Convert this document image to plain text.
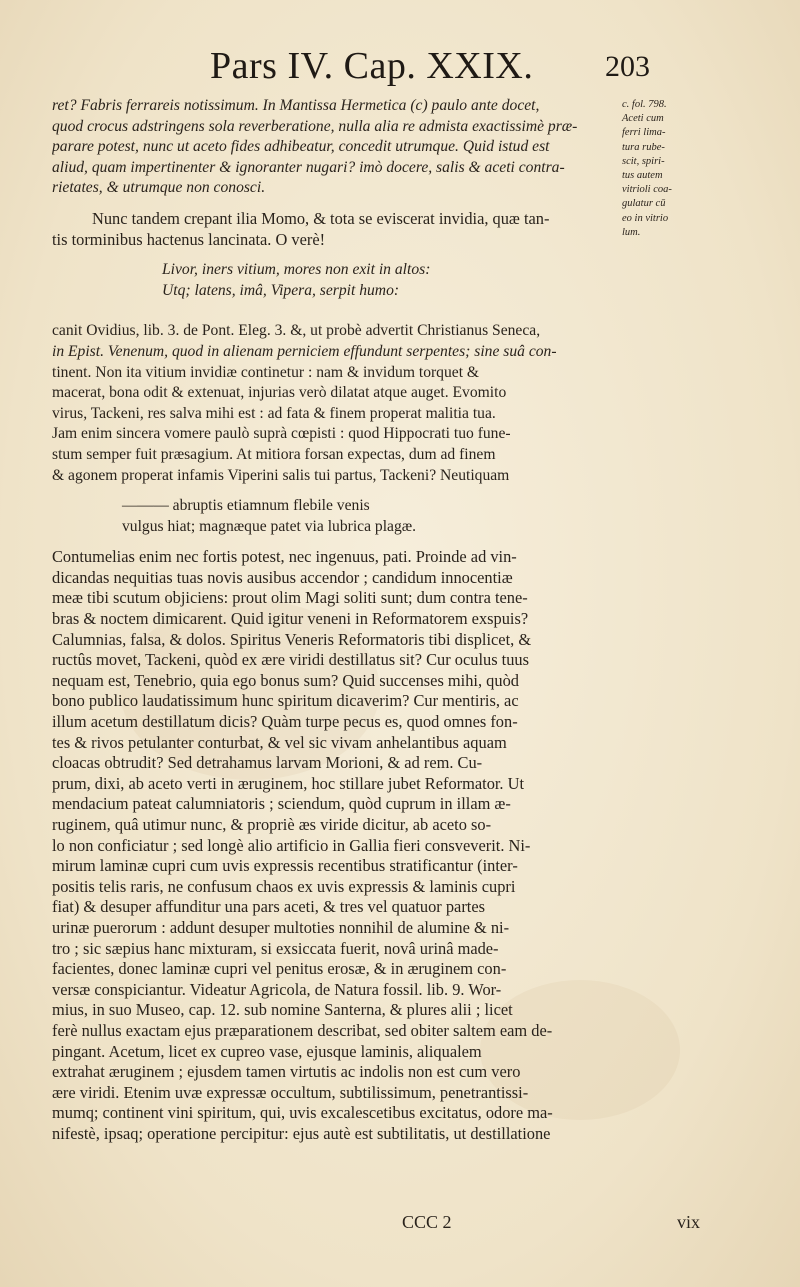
Pars IV. Cap. XXIX. 203
c. fol. 798.
Aceti cum
ferri lima-
tura rube-
scit, spiri-
tus autem
vitrioli coa-
gulatur cū
eo in vitrio
lum.
ret? Fabris ferrareis notissimum. In Mantissa Hermetica (c) paulo ante docet,
quod crocus adstringens sola reverberatione, nulla alia re admista exactissimè præ-
parare potest, nunc ut aceto fides adhibeatur, concedit utrumque. Quid istud est
aliud, quam impertinenter & ignoranter nugari? imò docere, salis & aceti contra-
rietates, & utrumque non conosci.
Nunc tandem crepant ilia Momo, & tota se eviscerat invidia, quæ tan-
tis torminibus hactenus lancinata. O verè!
Livor, iners vitium, mores non exit in altos:
Utq; latens, imâ, Vipera, serpit humo:
canit Ovidius, lib. 3. de Pont. Eleg. 3. &, ut probè advertit Christianus Seneca,
in Epist. Venenum, quod in alienam perniciem effundunt serpentes; sine suâ con-
tinent. Non ita vitium invidiæ continetur : nam & invidum torquet &
macerat, bona odit & extenuat, injurias verò dilatat atque auget. Evomito
virus, Tackeni, res salva mihi est : ad fata & finem properat malitia tua.
Jam enim sincera vomere paulò suprà cœpisti : quod Hippocrati tuo fune-
stum semper fuit præsagium. At mitiora forsan expectas, dum ad finem
& agonem properat infamis Viperini salis tui partus, Tackeni? Neutiquam
——— abruptis etiamnum flebile venis
vulgus hiat; magnæque patet via lubrica plagæ.
Contumelias enim nec fortis potest, nec ingenuus, pati. Proinde ad vin-
dicandas nequitias tuas novis ausibus accendor ; candidum innocentiæ
meæ tibi scutum objiciens: prout olim Magi soliti sunt; dum contra tene-
bras & noctem dimicarent. Quid igitur veneni in Reformatorem exspuis?
Calumnias, falsa, & dolos. Spiritus Veneris Reformatoris tibi displicet, &
ructûs movet, Tackeni, quòd ex ære viridi destillatus sit? Cur oculus tuus
nequam est, Tenebrio, quia ego bonus sum? Quid succenses mihi, quòd
bono publico laudatissimum hunc spiritum dicaverim? Cur mentiris, ac
illum acetum destillatum dicis? Quàm turpe pecus es, quod omnes fon-
tes & rivos petulanter conturbat, & vel sic vivam anhelantibus aquam
cloacas obtrudit? Sed detrahamus larvam Morioni, & ad rem. Cu-
prum, dixi, ab aceto verti in æruginem, hoc stillare jubet Reformator. Ut
mendacium pateat calumniatoris ; sciendum, quòd cuprum in illam æ-
ruginem, quâ utimur nunc, & propriè æs viride dicitur, ab aceto so-
lo non conficiatur ; sed longè alio artificio in Gallia fieri consveverit. Ni-
mirum laminæ cupri cum uvis expressis recentibus stratificantur (inter-
positis telis raris, ne confusum chaos ex uvis expressis & laminis cupri
fiat) & desuper affunditur una pars aceti, & tres vel quatuor partes
urinæ puerorum : addunt desuper multoties nonnihil de alumine & ni-
tro ; sic sæpius hanc mixturam, si exsiccata fuerit, novâ urinâ made-
facientes, donec laminæ cupri vel penitus erosæ, & in æruginem con-
versæ conspiciantur. Videatur Agricola, de Natura fossil. lib. 9. Wor-
mius, in suo Museo, cap. 12. sub nomine Santerna, & plures alii ; licet
ferè nullus exactam ejus præparationem describat, sed obiter saltem eam de-
pingant. Acetum, licet ex cupreo vase, ejusque laminis, aliqualem
extrahat æruginem ; ejusdem tamen virtutis ac indolis non est cum vero
ære viridi. Etenim uvæ expressæ occultum, subtilissimum, penetrantissi-
mumq; continent vini spiritum, qui, uvis excalescetibus excitatus, odore ma-
nifestè, ipsaq; operatione percipitur: ejus autè est subtilitatis, ut destillatione
CCC 2	vix
